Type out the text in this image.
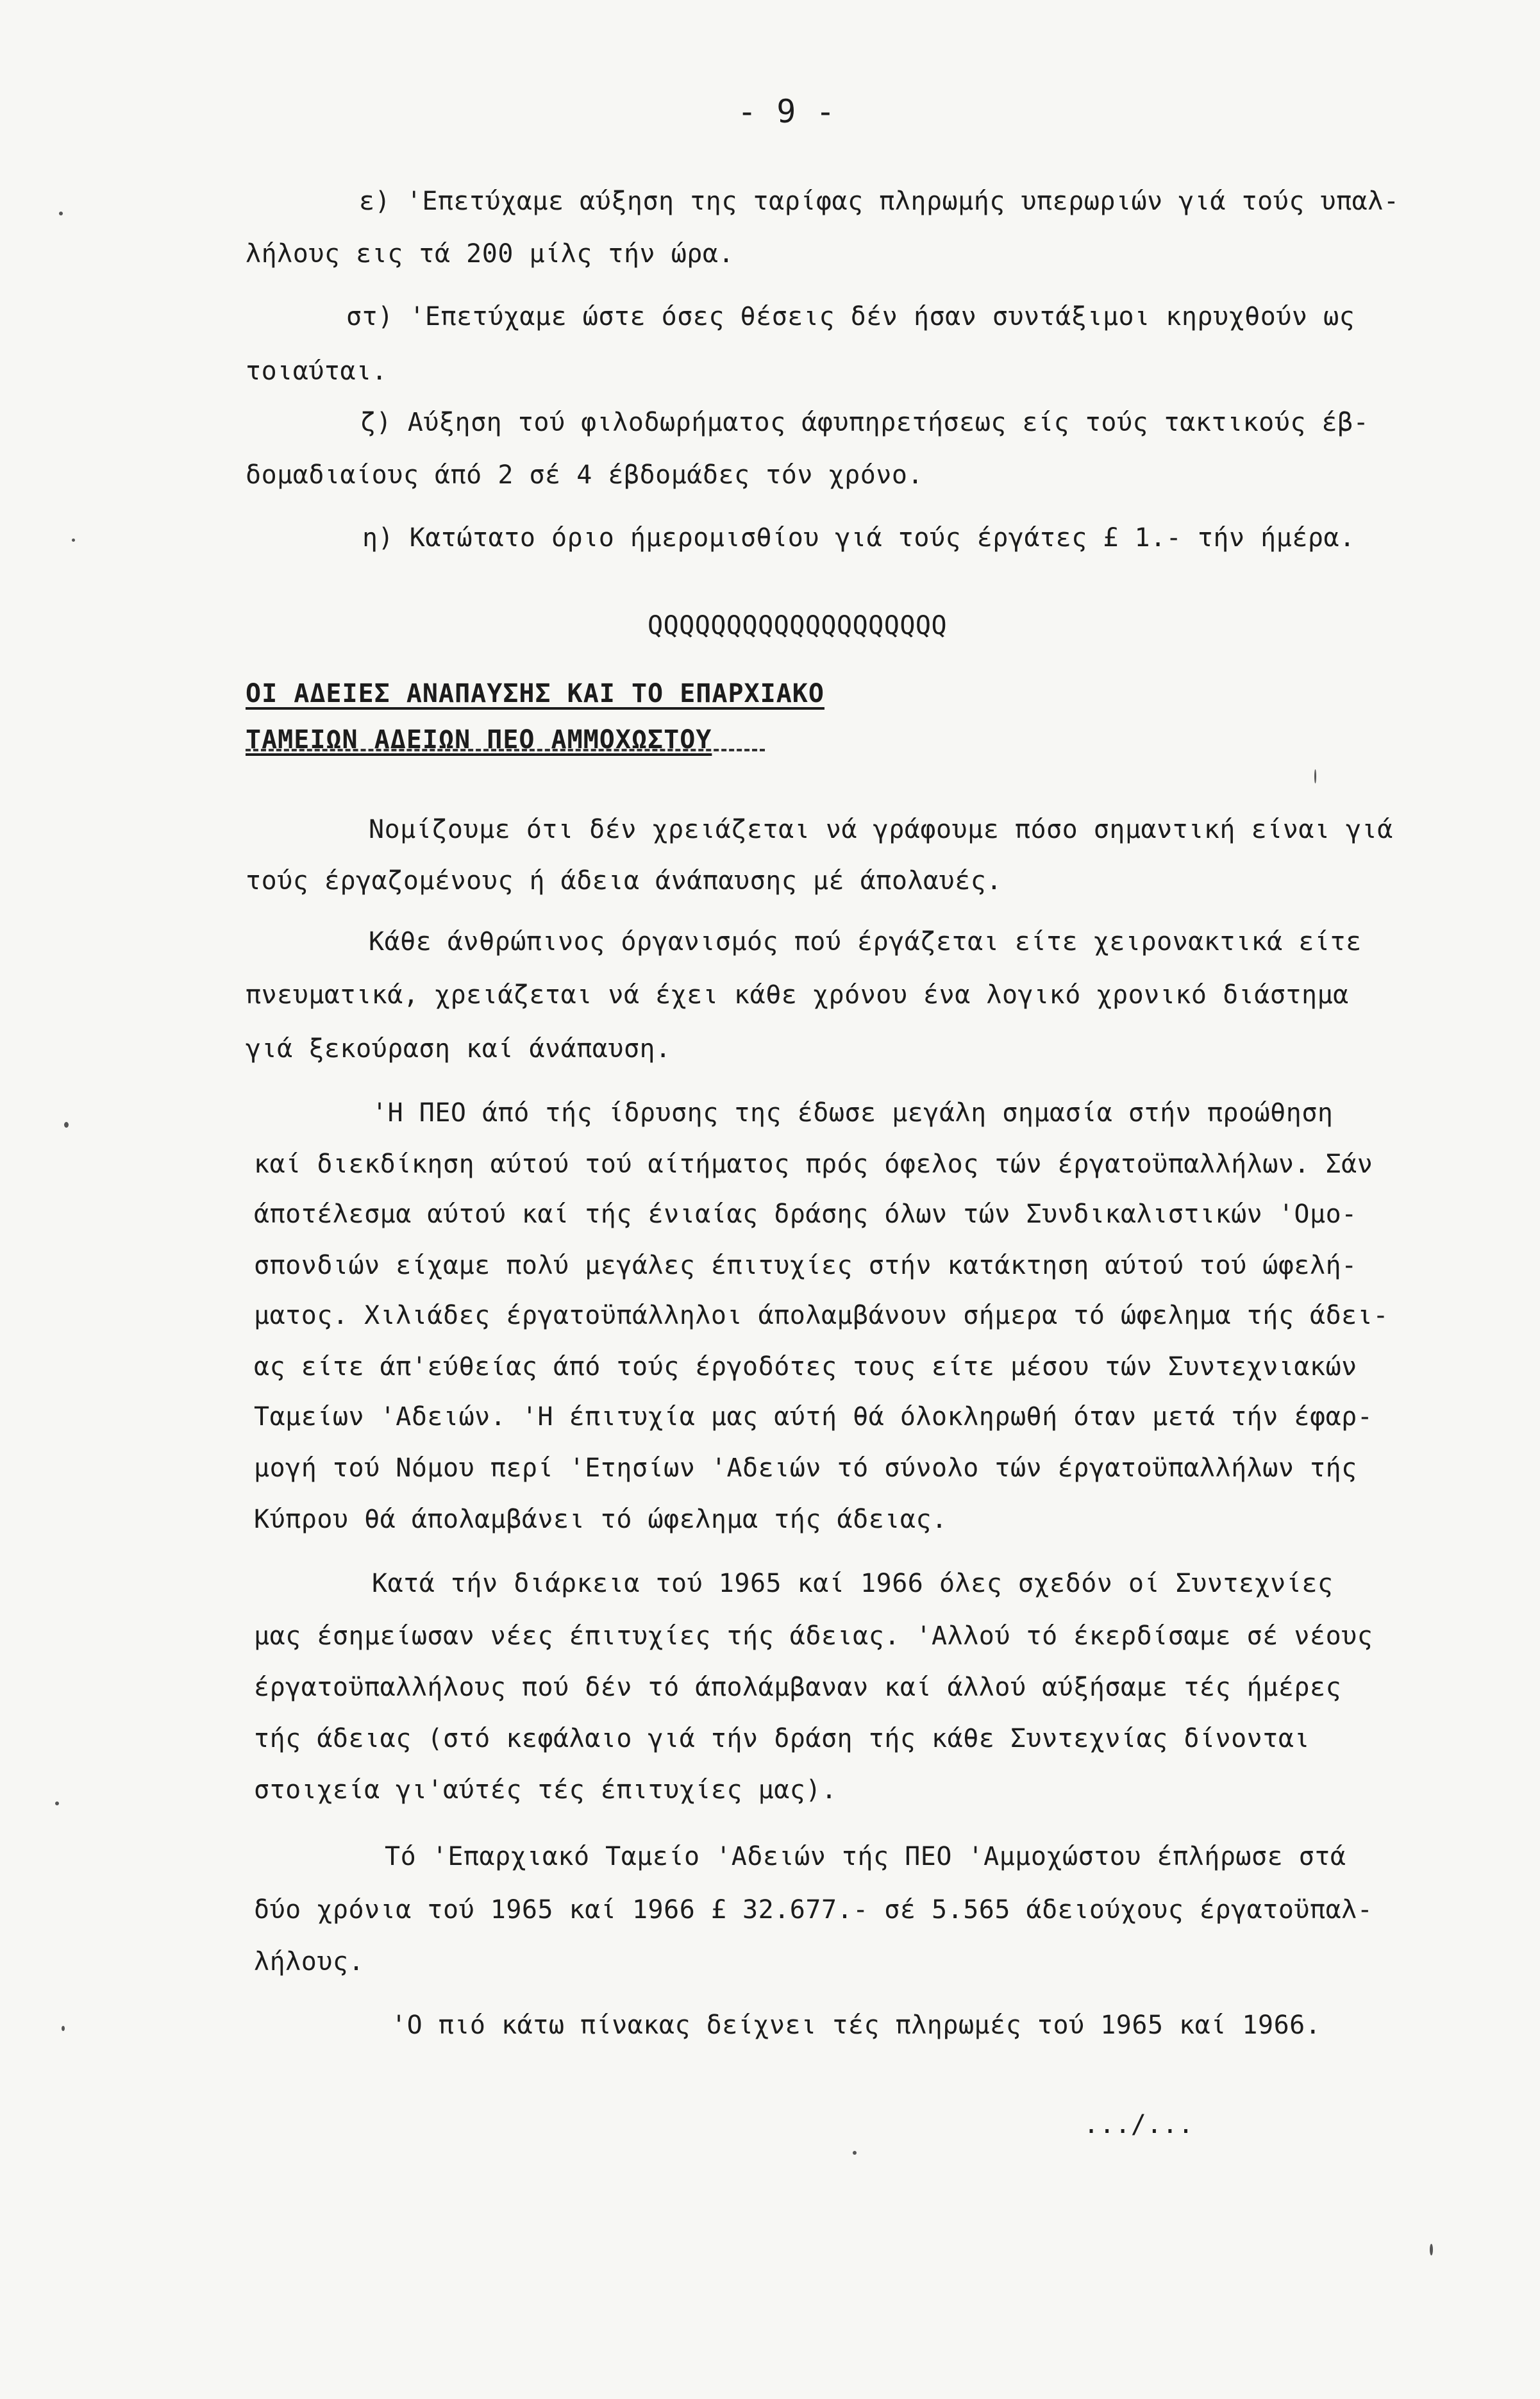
- 9 -
ε) 'Επετύχαμε αύξηση της ταρίφας πληρωμής υπερωριών γιά τούς υπαλ-
λήλους εις τά 200 μίλς τήν ώρα.
στ) 'Επετύχαμε ώστε όσες θέσεις δέν ήσαν συντάξιμοι κηρυχθούν ως
τοιαύται.
ζ) Αύξηση τού φιλοδωρήματος άφυπηρετήσεως είς τούς τακτικούς έβ-
δομαδιαίους άπό 2 σέ 4 έβδομάδες τόν χρόνο.
η) Κατώτατο όριο ήμερομισθίου γιά τούς έργάτες £ 1.- τήν ήμέρα.
QQQQQQQQQQQQQQQQQQQ
ΟΙ ΑΔΕΙΕΣ ΑΝΑΠΑΥΣΗΣ ΚΑΙ ΤΟ ΕΠΑΡΧΙΑΚΟ
ΤΑΜΕΙΩΝ ΑΔΕΙΩΝ ΠΕΟ ΑΜΜΟΧΩΣΤΟΥ
Νομίζουμε ότι δέν χρειάζεται νά γράφουμε πόσο σημαντική είναι γιά
τούς έργαζομένους ή άδεια άνάπαυσης μέ άπολαυές.
Κάθε άνθρώπινος όργανισμός πού έργάζεται είτε χειρονακτικά είτε
πνευματικά, χρειάζεται νά έχει κάθε χρόνου ένα λογικό χρονικό διάστημα
γιά ξεκούραση καί άνάπαυση.
'Η ΠΕΟ άπό τής ίδρυσης της έδωσε μεγάλη σημασία στήν προώθηση
καί διεκδίκηση αύτού τού αίτήματος πρός όφελος τών έργατοϋπαλλήλων. Σάν
άποτέλεσμα αύτού καί τής ένιαίας δράσης όλων τών Συνδικαλιστικών 'Ομο-
σπονδιών είχαμε πολύ μεγάλες έπιτυχίες στήν κατάκτηση αύτού τού ώφελή-
ματος. Χιλιάδες έργατοϋπάλληλοι άπολαμβάνουν σήμερα τό ώφελημα τής άδει-
ας είτε άπ'εύθείας άπό τούς έργοδότες τους είτε μέσου τών Συντεχνιακών
Ταμείων 'Αδειών. 'Η έπιτυχία μας αύτή θά όλοκληρωθή όταν μετά τήν έφαρ-
μογή τού Νόμου περί 'Ετησίων 'Αδειών τό σύνολο τών έργατοϋπαλλήλων τής
Κύπρου θά άπολαμβάνει τό ώφελημα τής άδειας.
Κατά τήν διάρκεια τού 1965 καί 1966 όλες σχεδόν οί Συντεχνίες
μας έσημείωσαν νέες έπιτυχίες τής άδειας. 'Αλλού τό έκερδίσαμε σέ νέους
έργατοϋπαλλήλους πού δέν τό άπολάμβαναν καί άλλού αύξήσαμε τές ήμέρες
τής άδειας (στό κεφάλαιο γιά τήν δράση τής κάθε Συντεχνίας δίνονται
στοιχεία γι'αύτές τές έπιτυχίες μας).
Τό 'Επαρχιακό Ταμείο 'Αδειών τής ΠΕΟ 'Αμμοχώστου έπλήρωσε στά
δύο χρόνια τού 1965 καί 1966 £ 32.677.- σέ 5.565 άδειούχους έργατοϋπαλ-
λήλους.
'Ο πιό κάτω πίνακας δείχνει τές πληρωμές τού 1965 καί 1966.
.../...
